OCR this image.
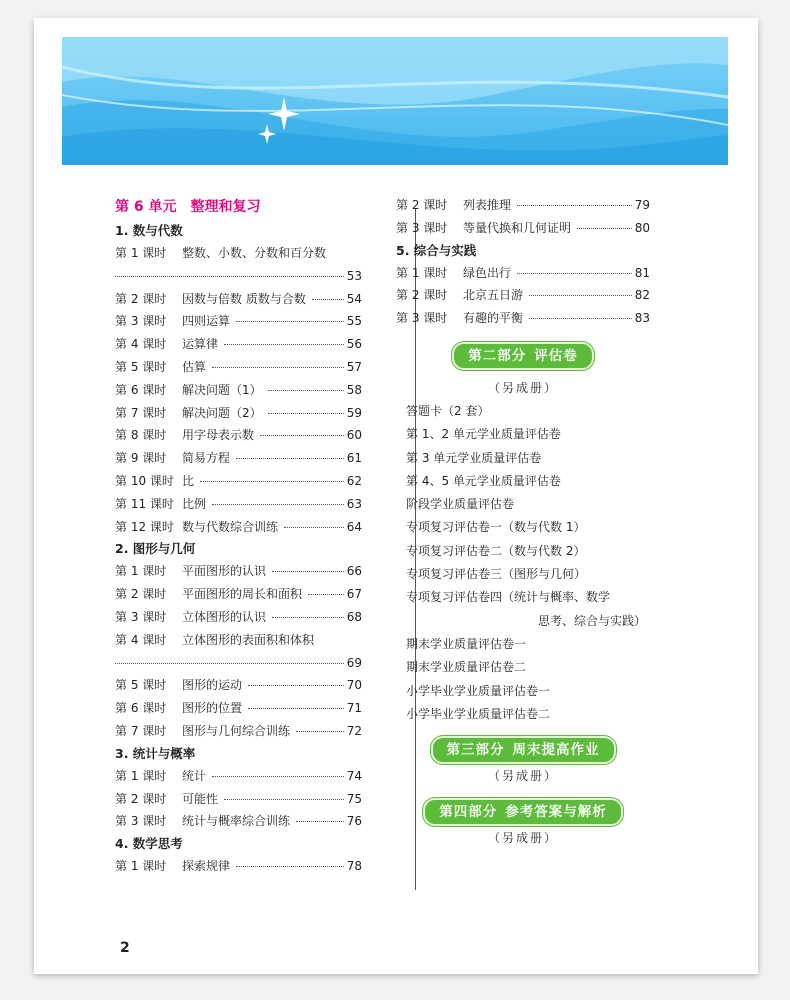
2
第 6 单元 整理和复习
1. 数与代数
第 1 课时 整数、小数、分数和百分数
53
第 2 课时	因数与倍数 质数与合数	54
第 3 课时	四则运算	55
第 4 课时	运算律	56
第 5 课时	估算	57
第 6 课时	解决问题（1）	58
第 7 课时	解决问题（2）	59
第 8 课时	用字母表示数	60
第 9 课时	简易方程	61
第 10 课时 比	62
第 11 课时 比例	63
第 12 课时 数与代数综合训练	64
2. 图形与几何
第 1 课时	平面图形的认识	66
第 2 课时	平面图形的周长和面积	67
第 3 课时	立体图形的认识	68
第 4 课时 立体图形的表面积和体积
69
第 5 课时	图形的运动	70
第 6 课时	图形的位置	71
第 7 课时	图形与几何综合训练	72
3. 统计与概率
第 1 课时	统计	74
第 2 课时	可能性	75
第 3 课时	统计与概率综合训练	76
4. 数学思考
第 1 课时	探索规律	78
第 2 课时	列表推理	79
第 3 课时	等量代换和几何证明	80
5. 综合与实践
第 1 课时	绿色出行	81
第 2 课时	北京五日游	82
第 3 课时	有趣的平衡	83
第二部分 评估卷
（另成册）
答题卡（2 套）
第 1、2 单元学业质量评估卷
第 3 单元学业质量评估卷
第 4、5 单元学业质量评估卷
阶段学业质量评估卷
专项复习评估卷一（数与代数 1）
专项复习评估卷二（数与代数 2）
专项复习评估卷三（图形与几何）
专项复习评估卷四（统计与概率、数学
思考、综合与实践）
期末学业质量评估卷一
期末学业质量评估卷二
小学毕业学业质量评估卷一
小学毕业学业质量评估卷二
第三部分 周末提高作业
（另成册）
第四部分 参考答案与解析
（另成册）
